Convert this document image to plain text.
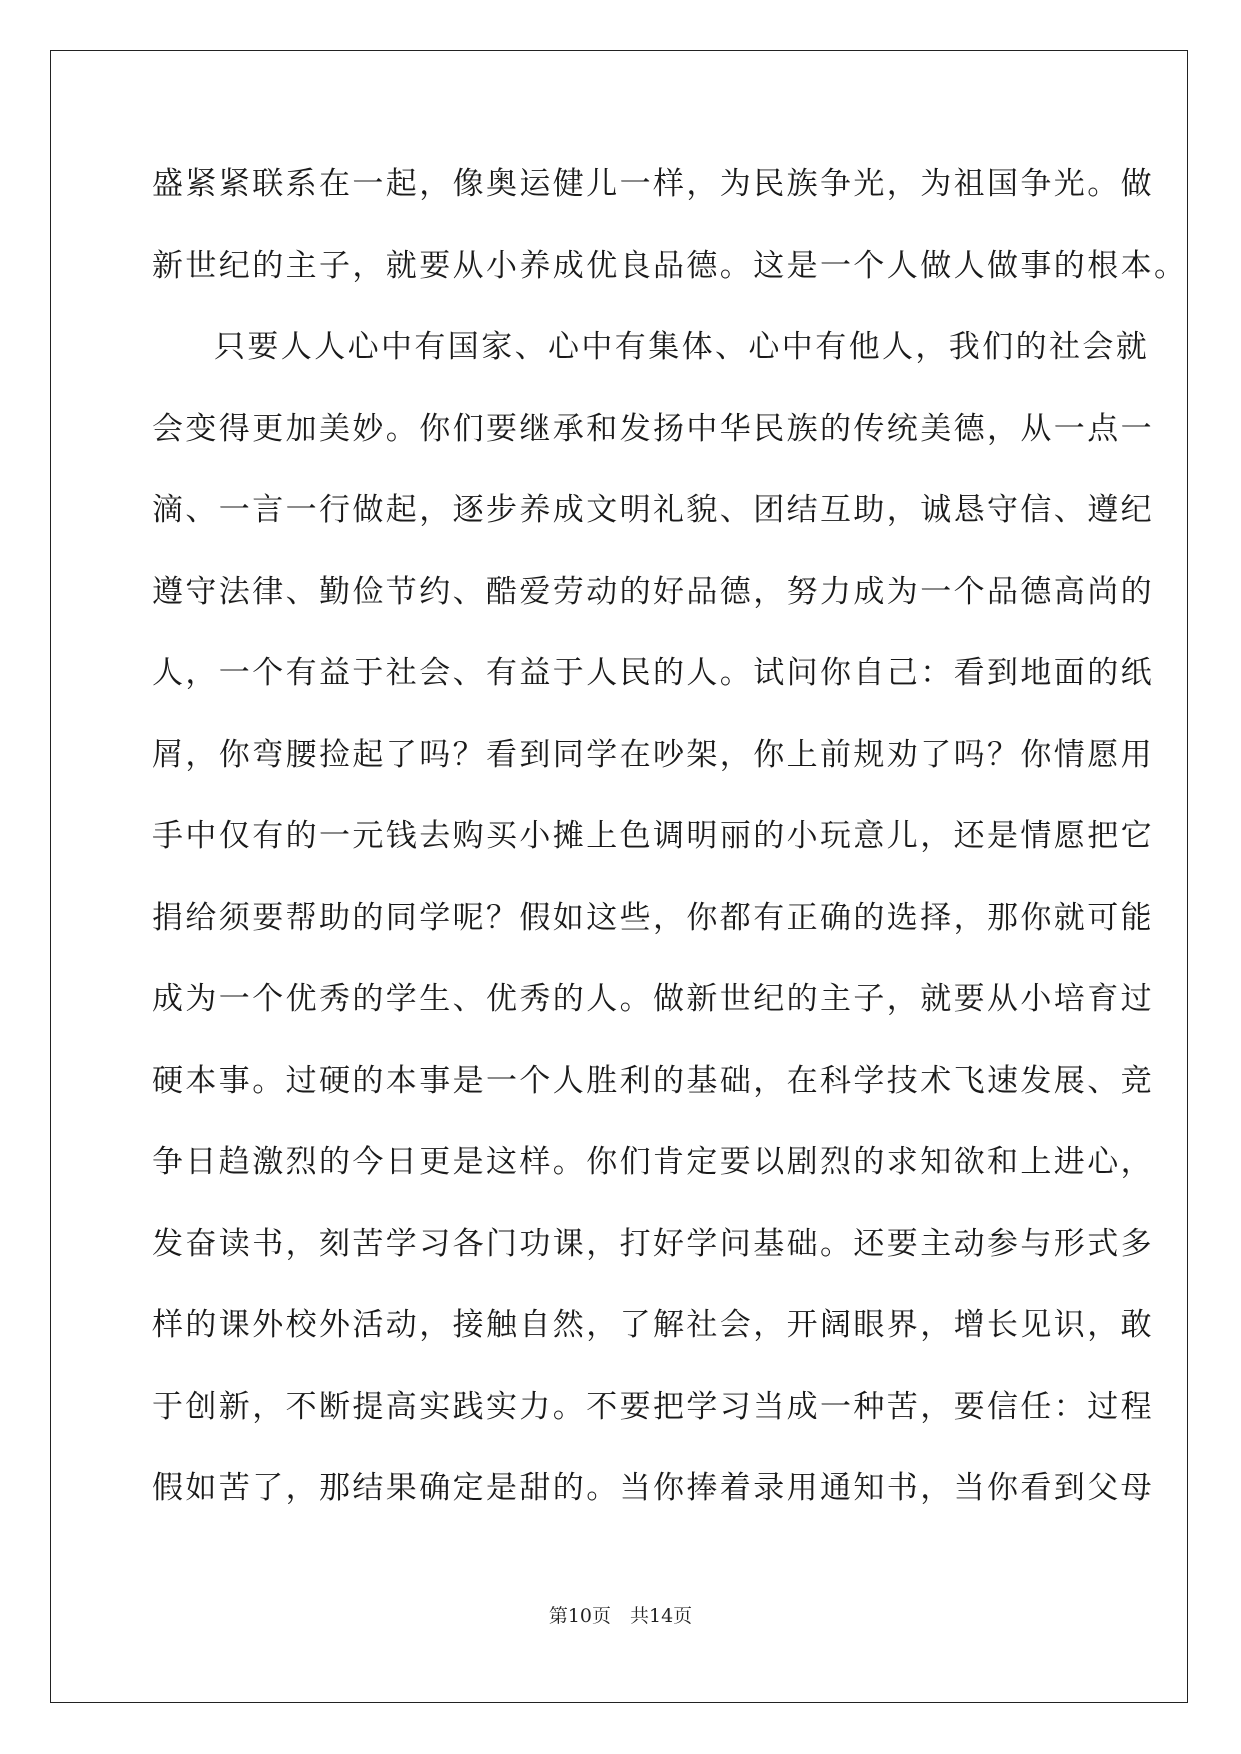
盛紧紧联系在一起，像奥运健儿一样，为民族争光，为祖国争光。做
新世纪的主子，就要从小养成优良品德。这是一个人做人做事的根本。
只要人人心中有国家、心中有集体、心中有他人，我们的社会就
会变得更加美妙。你们要继承和发扬中华民族的传统美德，从一点一
滴、一言一行做起，逐步养成文明礼貌、团结互助，诚恳守信、遵纪
遵守法律、勤俭节约、酷爱劳动的好品德，努力成为一个品德高尚的
人，一个有益于社会、有益于人民的人。试问你自己：看到地面的纸
屑，你弯腰捡起了吗？看到同学在吵架，你上前规劝了吗？你情愿用
手中仅有的一元钱去购买小摊上色调明丽的小玩意儿，还是情愿把它
捐给须要帮助的同学呢？假如这些，你都有正确的选择，那你就可能
成为一个优秀的学生、优秀的人。做新世纪的主子，就要从小培育过
硬本事。过硬的本事是一个人胜利的基础，在科学技术飞速发展、竞
争日趋激烈的今日更是这样。你们肯定要以剧烈的求知欲和上进心，
发奋读书，刻苦学习各门功课，打好学问基础。还要主动参与形式多
样的课外校外活动，接触自然，了解社会，开阔眼界，增长见识，敢
于创新，不断提高实践实力。不要把学习当成一种苦，要信任：过程
假如苦了，那结果确定是甜的。当你捧着录用通知书，当你看到父母
第10页　共14页
